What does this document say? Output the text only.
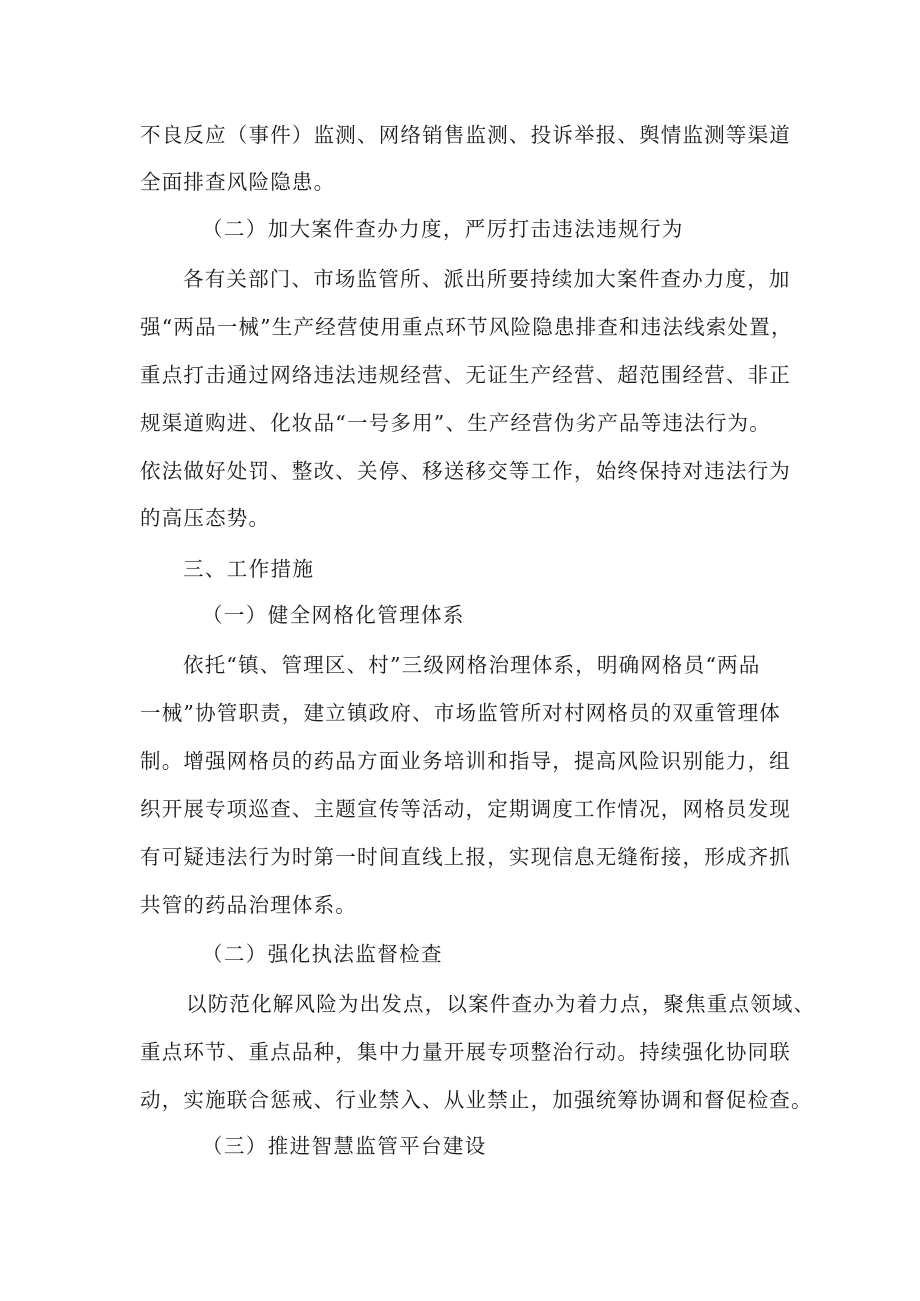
不良反应（事件）监测、网络销售监测、投诉举报、舆情监测等渠道
全面排查风险隐患。
（二）加大案件查办力度，严厉打击违法违规行为
各有关部门、市场监管所、派出所要持续加大案件查办力度，加
强“两品一械”生产经营使用重点环节风险隐患排查和违法线索处置，
重点打击通过网络违法违规经营、无证生产经营、超范围经营、非正
规渠道购进、化妆品“一号多用”、生产经营伪劣产品等违法行为。
依法做好处罚、整改、关停、移送移交等工作，始终保持对违法行为
的高压态势。
三、工作措施
（一）健全网格化管理体系
依托“镇、管理区、村”三级网格治理体系，明确网格员“两品
一械”协管职责，建立镇政府、市场监管所对村网格员的双重管理体
制。增强网格员的药品方面业务培训和指导，提高风险识别能力，组
织开展专项巡查、主题宣传等活动，定期调度工作情况，网格员发现
有可疑违法行为时第一时间直线上报，实现信息无缝衔接，形成齐抓
共管的药品治理体系。
（二）强化执法监督检查
以防范化解风险为出发点，以案件查办为着力点，聚焦重点领域、
重点环节、重点品种，集中力量开展专项整治行动。持续强化协同联
动，实施联合惩戒、行业禁入、从业禁止，加强统筹协调和督促检查。
（三）推进智慧监管平台建设
